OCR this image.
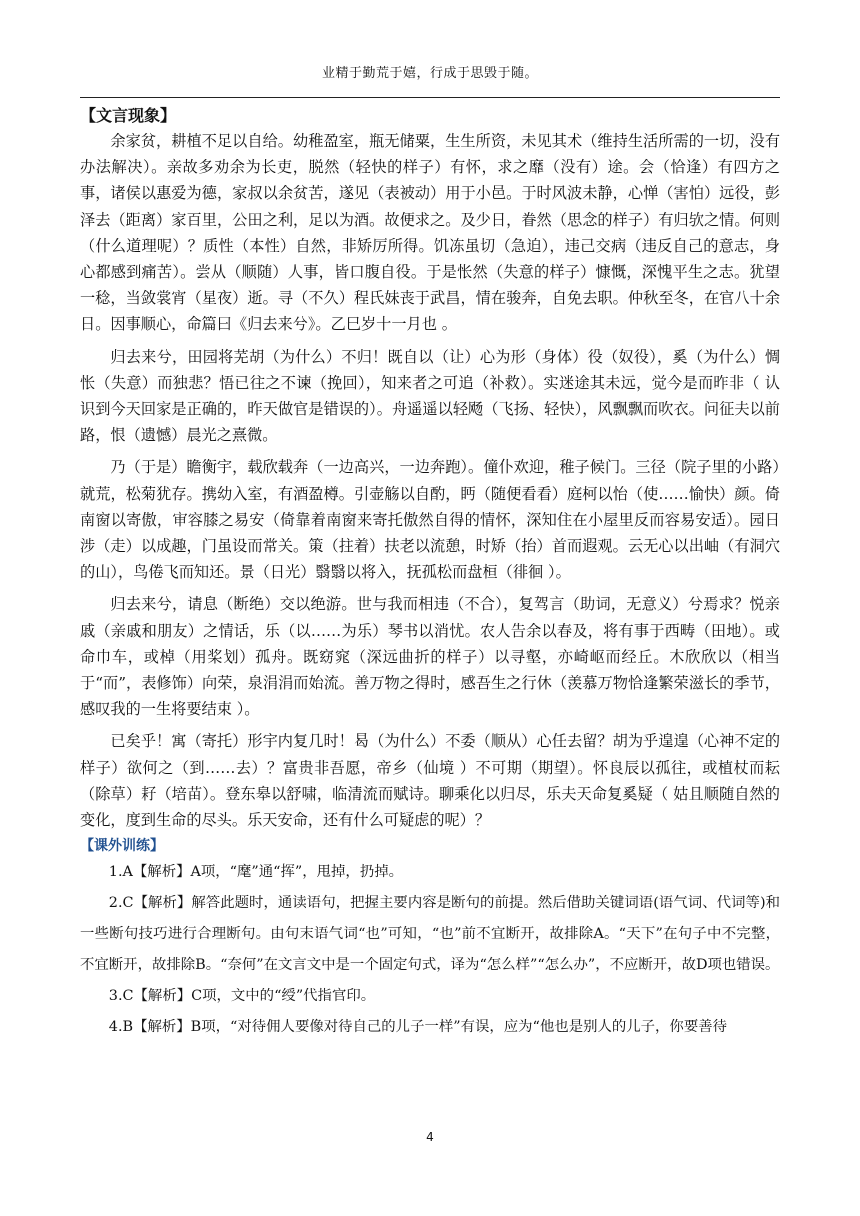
业精于勤荒于嬉，行成于思毁于随。
【文言现象】

余家贫，耕植不足以自给。幼稚盈室，瓶无储粟，生生所资，未见其术（维持生活所需的一切，没有办法解决）。亲故多劝余为长吏，脱然（轻快的样子）有怀，求之靡（没有）途。会（恰逢）有四方之事，诸侯以惠爱为德，家叔以余贫苦，遂见（表被动）用于小邑。于时风波未静，心惮（害怕）远役，彭泽去（距离）家百里，公田之利，足以为酒。故便求之。及少日，眷然（思念的样子）有归欤之情。何则（什么道理呢）？质性（本性）自然，非矫厉所得。饥冻虽切（急迫），违己交病（违反自己的意志，身心都感到痛苦）。尝从（顺随）人事，皆口腹自役。于是怅然（失意的样子）慷慨，深愧平生之志。犹望一稔，当敛裳宵（星夜）逝。寻（不久）程氏妹丧于武昌，情在骏奔，自免去职。仲秋至冬，在官八十余日。因事顺心，命篇曰《归去来兮》。乙巳岁十一月也 。

归去来兮，田园将芜胡（为什么）不归！既自以（让）心为形（身体）役（奴役），奚（为什么）惆怅（失意）而独悲？悟已往之不谏（挽回），知来者之可追（补救）。实迷途其未远，觉今是而昨非（ 认识到今天回家是正确的，昨天做官是错误的）。舟遥遥以轻飏（飞扬、轻快），风飘飘而吹衣。问征夫以前路，恨（遗憾）晨光之熹微。

乃（于是）瞻衡宇，载欣载奔（一边高兴，一边奔跑）。僮仆欢迎，稚子候门。三径（院子里的小路）就荒，松菊犹存。携幼入室，有酒盈樽。引壶觞以自酌，眄（随便看看）庭柯以怡（使……愉快）颜。倚南窗以寄傲，审容膝之易安（倚靠着南窗来寄托傲然自得的情怀，深知住在小屋里反而容易安适）。园日涉（走）以成趣，门虽设而常关。策（拄着）扶老以流憩，时矫（抬）首而遐观。云无心以出岫（有洞穴的山），鸟倦飞而知还。景（日光）翳翳以将入，抚孤松而盘桓（徘徊 ）。

归去来兮，请息（断绝）交以绝游。世与我而相违（不合），复驾言（助词，无意义）兮焉求？悦亲戚（亲戚和朋友）之情话，乐（以……为乐）琴书以消忧。农人告余以春及，将有事于西畴（田地）。或命巾车，或棹（用桨划）孤舟。既窈窕（深远曲折的样子）以寻壑，亦崎岖而经丘。木欣欣以（相当于“而”，表修饰）向荣，泉涓涓而始流。善万物之得时，感吾生之行休（羡慕万物恰逢繁荣滋长的季节，感叹我的一生将要结束 ）。

已矣乎！寓（寄托）形宇内复几时！曷（为什么）不委（顺从）心任去留？胡为乎遑遑（心神不定的样子）欲何之（到……去）？富贵非吾愿，帝乡（仙境 ）不可期（期望）。怀良辰以孤往，或植杖而耘（除草）耔（培苗）。登东皋以舒啸，临清流而赋诗。聊乘化以归尽，乐夫天命复奚疑（ 姑且顺随自然的变化，度到生命的尽头。乐天安命，还有什么可疑虑的呢）？

【课外训练】

1.A【解析】A项，“麾”通“挥”，甩掉，扔掉。

2.C【解析】解答此题时，通读语句，把握主要内容是断句的前提。然后借助关键词语(语气词、代词等)和一些断句技巧进行合理断句。由句末语气词“也”可知，“也”前不宜断开，故排除A。“天下”在句子中不完整，不宜断开，故排除B。“奈何”在文言文中是一个固定句式，译为“怎么样”“怎么办”，不应断开，故D项也错误。

3.C【解析】C项，文中的“绶”代指官印。

4.B【解析】B项，“对待佣人要像对待自己的儿子一样”有误，应为“他也是别人的儿子，你要善待

4
